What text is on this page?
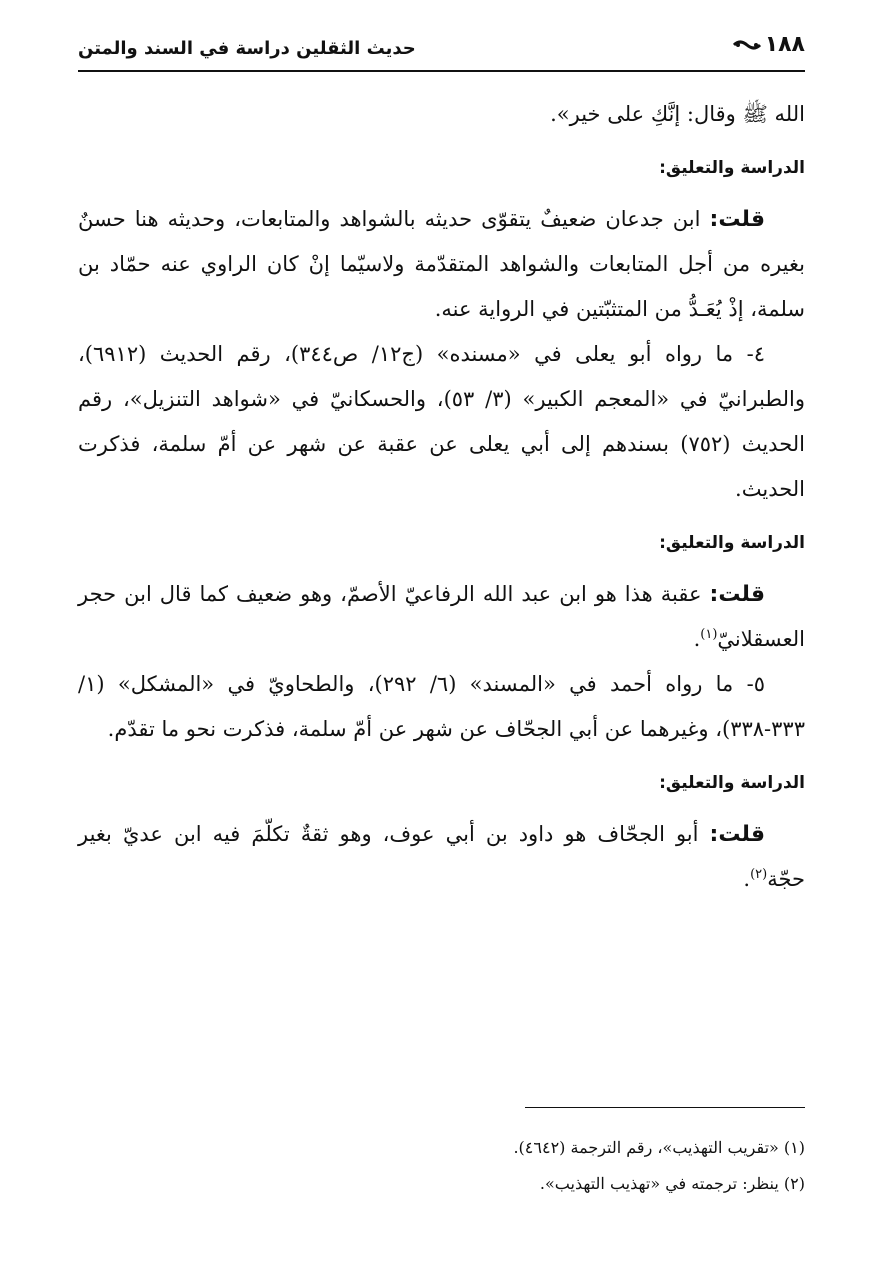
١٨٨
حديث الثقلين دراسة في السند والمتن

الله ﷺ وقال: إنَّكِ على خير».

الدراسة والتعليق:

قلت: ابن جدعان ضعيفٌ يتقوّى حديثه بالشواهد والمتابعات، وحديثه هنا حسنٌ بغيره من أجل المتابعات والشواهد المتقدّمة ولاسيّما إنْ كان الراوي عنه حمّاد بن سلمة، إذْ يُعَـدُّ من المتثبّتين في الرواية عنه.

٤- ما رواه أبو يعلى في «مسنده» (ج١٢/ ص٣٤٤)، رقم الحديث (٦٩١٢)، والطبرانيّ في «المعجم الكبير» (٣/ ٥٣)، والحسكانيّ في «شواهد التنزيل»، رقم الحديث (٧٥٢) بسندهم إلى أبي يعلى عن عقبة عن شهر عن أمّ سلمة، فذكرت الحديث.

الدراسة والتعليق:

قلت: عقبة هذا هو ابن عبد الله الرفاعيّ الأصمّ، وهو ضعيف كما قال ابن حجر العسقلانيّ$^{(١)}$.

٥- ما رواه أحمد في «المسند» (٦/ ٢٩٢)، والطحاويّ في «المشكل» (١/ ٣٣٣-٣٣٨)، وغيرهما عن أبي الجحّاف عن شهر عن أمّ سلمة، فذكرت نحو ما تقدّم.

الدراسة والتعليق:

قلت: أبو الجحّاف هو داود بن أبي عوف، وهو ثقةٌ تكلّمَ فيه ابن عديّ بغير حجّة$^{(٢)}$.

(١) «تقريب التهذيب»، رقم الترجمة (٤٦٤٢).

(٢) ينظر: ترجمته في «تهذيب التهذيب».
